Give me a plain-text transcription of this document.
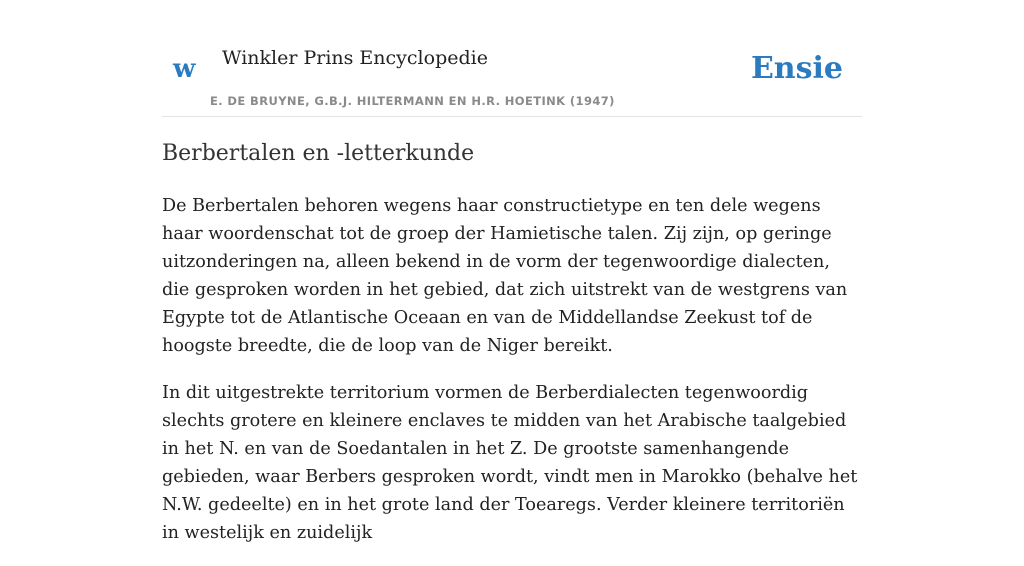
w Winkler Prins Encyclopedie
E. DE BRUYNE, G.B.J. HILTERMANN EN H.R. HOETINK (1947)
Ensie
Berbertalen en -letterkunde

De Berbertalen behoren wegens haar constructietype en ten dele wegens haar woordenschat tot de groep der Hamietische talen. Zij zijn, op geringe uitzonderingen na, alleen bekend in de vorm der tegenwoordige dialecten, die gesproken worden in het gebied, dat zich uitstrekt van de westgrens van Egypte tot de Atlantische Oceaan en van de Middellandse Zeekust tof de hoogste breedte, die de loop van de Niger bereikt.

In dit uitgestrekte territorium vormen de Berberdialecten tegenwoordig slechts grotere en kleinere enclaves te midden van het Arabische taalgebied in het N. en van de Soedantalen in het Z. De grootste samenhangende gebieden, waar Berbers gesproken wordt, vindt men in Marokko (behalve het N.W. gedeelte) en in het grote land der Toearegs. Verder kleinere territoriën in westelijk en zuidelijk
